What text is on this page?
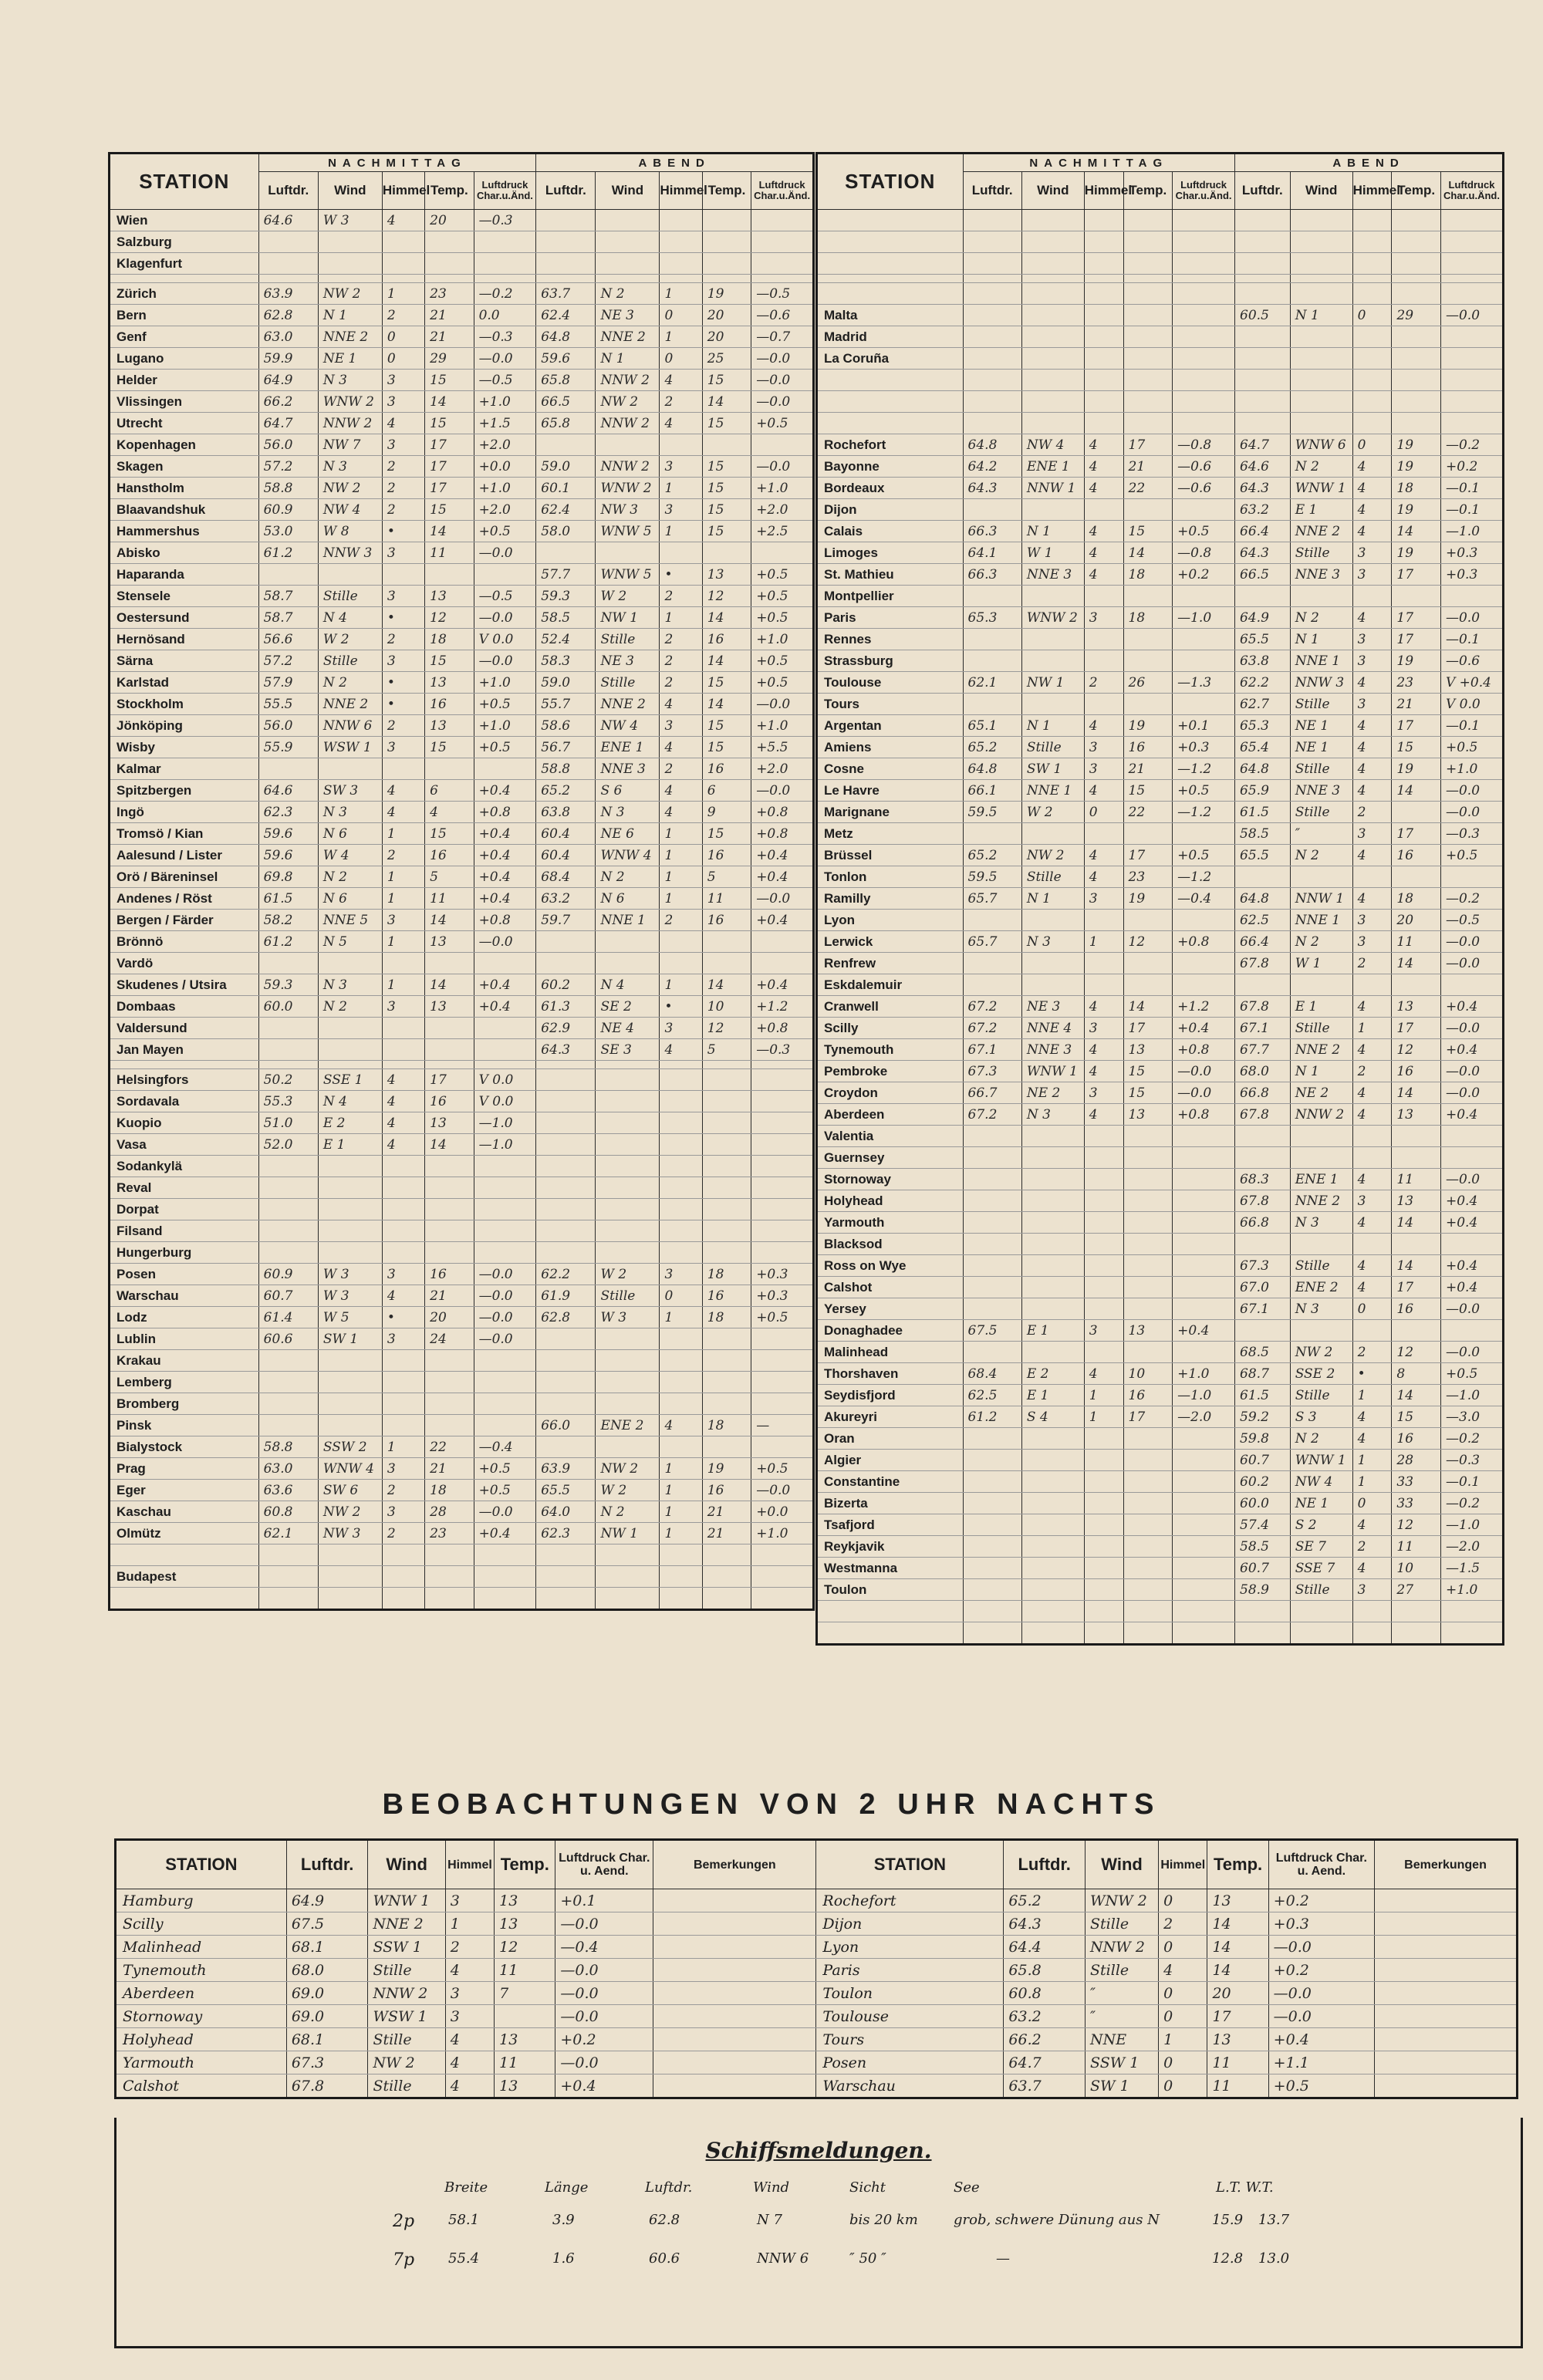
STATION	NACHMITTAG					ABEND				
	Luftdr.	Wind	Himmel	Temp.	Luftdruck Char.u.Änd.	Luftdr.	Wind	Himmel	Temp.	Luftdruck Char.u.Änd.
Wien	64.6	W 3	4	20	—0.3					
Salzburg										
Klagenfurt										

Zürich	63.9	NW 2	1	23	—0.2	63.7	N 2	1	19	—0.5
Bern	62.8	N 1	2	21	0.0	62.4	NE 3	0	20	—0.6
Genf	63.0	NNE 2	0	21	—0.3	64.8	NNE 2	1	20	—0.7
Lugano	59.9	NE 1	0	29	—0.0	59.6	N 1	0	25	—0.0
Helder	64.9	N 3	3	15	—0.5	65.8	NNW 2	4	15	—0.0
Vlissingen	66.2	WNW 2	3	14	+1.0	66.5	NW 2	2	14	—0.0
Utrecht	64.7	NNW 2	4	15	+1.5	65.8	NNW 2	4	15	+0.5
Kopenhagen	56.0	NW 7	3	17	+2.0					
Skagen	57.2	N 3	2	17	+0.0	59.0	NNW 2	3	15	—0.0
Hanstholm	58.8	NW 2	2	17	+1.0	60.1	WNW 2	1	15	+1.0
Blaavandshuk	60.9	NW 4	2	15	+2.0	62.4	NW 3	3	15	+2.0
Hammershus	53.0	W 8	•	14	+0.5	58.0	WNW 5	1	15	+2.5
Abisko	61.2	NNW 3	3	11	—0.0					
Haparanda						57.7	WNW 5	•	13	+0.5
Stensele	58.7	Stille	3	13	—0.5	59.3	W 2	2	12	+0.5
Oestersund	58.7	N 4	•	12	—0.0	58.5	NW 1	1	14	+0.5
Hernösand	56.6	W 2	2	18	V 0.0	52.4	Stille	2	16	+1.0
Särna	57.2	Stille	3	15	—0.0	58.3	NE 3	2	14	+0.5
Karlstad	57.9	N 2	•	13	+1.0	59.0	Stille	2	15	+0.5
Stockholm	55.5	NNE 2	•	16	+0.5	55.7	NNE 2	4	14	—0.0
Jönköping	56.0	NNW 6	2	13	+1.0	58.6	NW 4	3	15	+1.0
Wisby	55.9	WSW 1	3	15	+0.5	56.7	ENE 1	4	15	+5.5
Kalmar						58.8	NNE 3	2	16	+2.0
Spitzbergen	64.6	SW 3	4	6	+0.4	65.2	S 6	4	6	—0.0
Ingö	62.3	N 3	4	4	+0.8	63.8	N 3	4	9	+0.8
Tromsö / Kian	59.6	N 6	1	15	+0.4	60.4	NE 6	1	15	+0.8
Aalesund / Lister	59.6	W 4	2	16	+0.4	60.4	WNW 4	1	16	+0.4
Orö / Bäreninsel	69.8	N 2	1	5	+0.4	68.4	N 2	1	5	+0.4
Andenes / Röst	61.5	N 6	1	11	+0.4	63.2	N 6	1	11	—0.0
Bergen / Färder	58.2	NNE 5	3	14	+0.8	59.7	NNE 1	2	16	+0.4
Brönnö	61.2	N 5	1	13	—0.0					
Vardö										
Skudenes / Utsira	59.3	N 3	1	14	+0.4	60.2	N 4	1	14	+0.4
Dombaas	60.0	N 2	3	13	+0.4	61.3	SE 2	•	10	+1.2
Valdersund						62.9	NE 4	3	12	+0.8
Jan Mayen						64.3	SE 3	4	5	—0.3

Helsingfors	50.2	SSE 1	4	17	V 0.0					
Sordavala	55.3	N 4	4	16	V 0.0					
Kuopio	51.0	E 2	4	13	—1.0					
Vasa	52.0	E 1	4	14	—1.0					
Sodankylä										
Reval										
Dorpat										
Filsand										
Hungerburg										
Posen	60.9	W 3	3	16	—0.0	62.2	W 2	3	18	+0.3
Warschau	60.7	W 3	4	21	—0.0	61.9	Stille	0	16	+0.3
Lodz	61.4	W 5	•	20	—0.0	62.8	W 3	1	18	+0.5
Lublin	60.6	SW 1	3	24	—0.0					
Krakau										
Lemberg										
Bromberg										
Pinsk						66.0	ENE 2	4	18	—
Bialystock	58.8	SSW 2	1	22	—0.4					
Prag	63.0	WNW 4	3	21	+0.5	63.9	NW 2	1	19	+0.5
Eger	63.6	SW 6	2	18	+0.5	65.5	W 2	1	16	—0.0
Kaschau	60.8	NW 2	3	28	—0.0	64.0	N 2	1	21	+0.0
Olmütz	62.1	NW 3	2	23	+0.4	62.3	NW 1	1	21	+1.0

Budapest										

STATION	NACHMITTAG					ABEND				
	Luftdr.	Wind	Himmel	Temp.	Luftdruck Char.u.Änd.	Luftdr.	Wind	Himmel	Temp.	Luftdruck Char.u.Änd.

Malta						60.5	N 1	0	29	—0.0
Madrid										
La Coruña										

Rochefort	64.8	NW 4	4	17	—0.8	64.7	WNW 6	0	19	—0.2
Bayonne	64.2	ENE 1	4	21	—0.6	64.6	N 2	4	19	+0.2
Bordeaux	64.3	NNW 1	4	22	—0.6	64.3	WNW 1	4	18	—0.1
Dijon						63.2	E 1	4	19	—0.1
Calais	66.3	N 1	4	15	+0.5	66.4	NNE 2	4	14	—1.0
Limoges	64.1	W 1	4	14	—0.8	64.3	Stille	3	19	+0.3
St. Mathieu	66.3	NNE 3	4	18	+0.2	66.5	NNE 3	3	17	+0.3
Montpellier										
Paris	65.3	WNW 2	3	18	—1.0	64.9	N 2	4	17	—0.0
Rennes						65.5	N 1	3	17	—0.1
Strassburg						63.8	NNE 1	3	19	—0.6
Toulouse	62.1	NW 1	2	26	—1.3	62.2	NNW 3	4	23	V +0.4
Tours						62.7	Stille	3	21	V 0.0
Argentan	65.1	N 1	4	19	+0.1	65.3	NE 1	4	17	—0.1
Amiens	65.2	Stille	3	16	+0.3	65.4	NE 1	4	15	+0.5
Cosne	64.8	SW 1	3	21	—1.2	64.8	Stille	4	19	+1.0
Le Havre	66.1	NNE 1	4	15	+0.5	65.9	NNE 3	4	14	—0.0
Marignane	59.5	W 2	0	22	—1.2	61.5	Stille	2		—0.0
Metz						58.5	″	3	17	—0.3
Brüssel	65.2	NW 2	4	17	+0.5	65.5	N 2	4	16	+0.5
Tonlon	59.5	Stille	4	23	—1.2					
Ramilly	65.7	N 1	3	19	—0.4	64.8	NNW 1	4	18	—0.2
Lyon						62.5	NNE 1	3	20	—0.5
Lerwick	65.7	N 3	1	12	+0.8	66.4	N 2	3	11	—0.0
Renfrew						67.8	W 1	2	14	—0.0
Eskdalemuir										
Cranwell	67.2	NE 3	4	14	+1.2	67.8	E 1	4	13	+0.4
Scilly	67.2	NNE 4	3	17	+0.4	67.1	Stille	1	17	—0.0
Tynemouth	67.1	NNE 3	4	13	+0.8	67.7	NNE 2	4	12	+0.4
Pembroke	67.3	WNW 1	4	15	—0.0	68.0	N 1	2	16	—0.0
Croydon	66.7	NE 2	3	15	—0.0	66.8	NE 2	4	14	—0.0
Aberdeen	67.2	N 3	4	13	+0.8	67.8	NNW 2	4	13	+0.4
Valentia										
Guernsey										
Stornoway						68.3	ENE 1	4	11	—0.0
Holyhead						67.8	NNE 2	3	13	+0.4
Yarmouth						66.8	N 3	4	14	+0.4
Blacksod										
Ross on Wye						67.3	Stille	4	14	+0.4
Calshot						67.0	ENE 2	4	17	+0.4
Yersey						67.1	N 3	0	16	—0.0
Donaghadee	67.5	E 1	3	13	+0.4					
Malinhead						68.5	NW 2	2	12	—0.0
Thorshaven	68.4	E 2	4	10	+1.0	68.7	SSE 2	•	8	+0.5
Seydisfjord	62.5	E 1	1	16	—1.0	61.5	Stille	1	14	—1.0
Akureyri	61.2	S 4	1	17	—2.0	59.2	S 3	4	15	—3.0
Oran						59.8	N 2	4	16	—0.2
Algier						60.7	WNW 1	1	28	—0.3
Constantine						60.2	NW 4	1	33	—0.1
Bizerta						60.0	NE 1	0	33	—0.2
Tsafjord						57.4	S 2	4	12	—1.0
Reykjavik						58.5	SE 7	2	11	—2.0
Westmanna						60.7	SSE 7	4	10	—1.5
Toulon						58.9	Stille	3	27	+1.0

BEOBACHTUNGEN VON 2 UHR NACHTS
STATION	Luftdr.	Wind	Himmel	Temp.	Luftdruck Char. u. Aend.	Bemerkungen	STATION	Luftdr.	Wind	Himmel	Temp.	Luftdruck Char. u. Aend.	Bemerkungen
Hamburg	64.9	WNW 1	3	13	+0.1		Rochefort	65.2	WNW 2	0	13	+0.2	
Scilly	67.5	NNE 2	1	13	—0.0		Dijon	64.3	Stille	2	14	+0.3	
Malinhead	68.1	SSW 1	2	12	—0.4		Lyon	64.4	NNW 2	0	14	—0.0	
Tynemouth	68.0	Stille	4	11	—0.0		Paris	65.8	Stille	4	14	+0.2	
Aberdeen	69.0	NNW 2	3	7	—0.0		Toulon	60.8	″	0	20	—0.0	
Stornoway	69.0	WSW 1	3		—0.0		Toulouse	63.2	″	0	17	—0.0	
Holyhead	68.1	Stille	4	13	+0.2		Tours	66.2	NNE	1	13	+0.4	
Yarmouth	67.3	NW 2	4	11	—0.0		Posen	64.7	SSW 1	0	11	+1.1	
Calshot	67.8	Stille	4	13	+0.4		Warschau	63.7	SW 1	0	11	+0.5	
Schiffsmeldungen.
Breite	Länge	Luftdr.	Wind	Sicht	See	L.T. W.T.
2p 58.1	3.9	62.8	N 7	bis 20 km	grob, schwere Dünung aus N	15.9 13.7
7p 55.4	1.6	60.6	NNW 6	″ 50 ″	—	12.8 13.0
